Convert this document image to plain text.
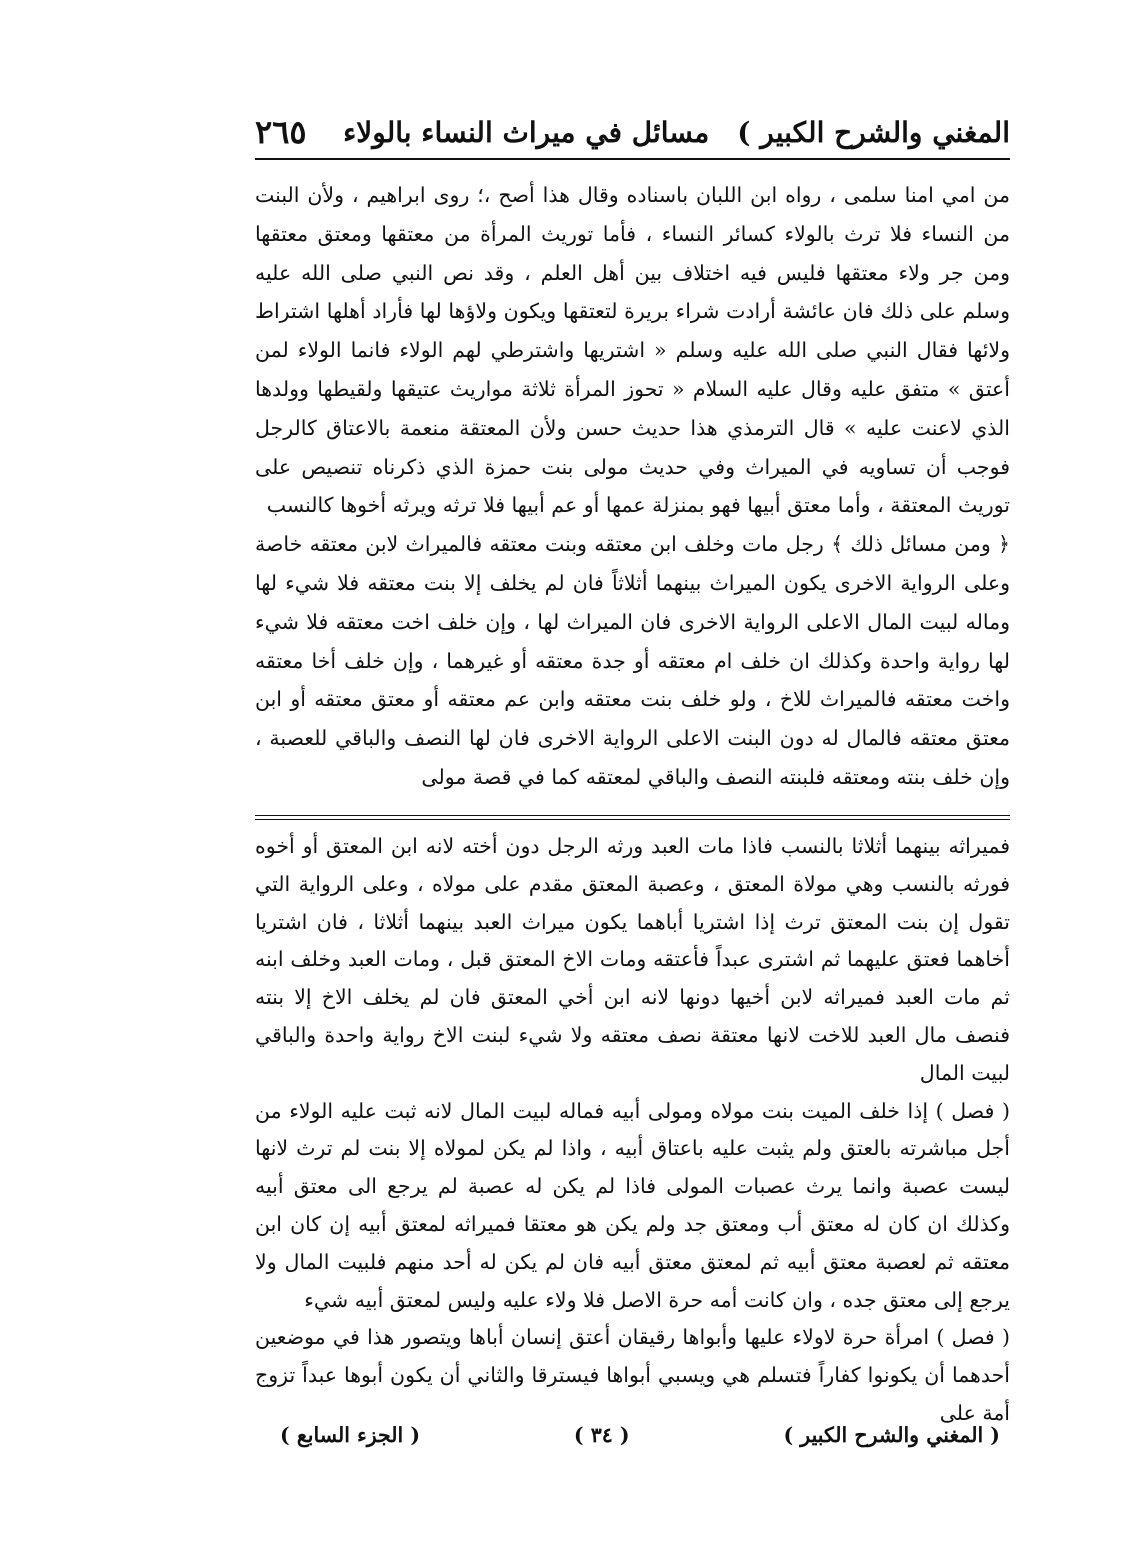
المغني والشرح الكبير )
مسائل في ميراث النساء بالولاء
٢٦٥

من امي امنا سلمى ، رواه ابن اللبان باسناده وقال هذا أصح ،؛ روى ابراهيم ، ولأن البنت من النساء فلا ترث بالولاء كسائر النساء ، فأما توريث المرأة من معتقها ومعتق معتقها ومن جر ولاء معتقها فليس فيه اختلاف بين أهل العلم ، وقد نص النبي صلى الله عليه وسلم على ذلك فان عائشة أرادت شراء بريرة لتعتقها ويكون ولاؤها لها فأراد أهلها اشتراط ولائها فقال النبي صلى الله عليه وسلم « اشتريها واشترطي لهم الولاء فانما الولاء لمن أعتق » متفق عليه وقال عليه السلام « تحوز المرأة ثلاثة مواريث عتيقها ولقيطها وولدها الذي لاعنت عليه » قال الترمذي هذا حديث حسن ولأن المعتقة منعمة بالاعتاق كالرجل فوجب أن تساويه في الميراث وفي حديث مولى بنت حمزة الذي ذكرناه تنصيص على توريث المعتقة ، وأما معتق أبيها فهو بمنزلة عمها أو عم أبيها فلا ترثه ويرثه أخوها كالنسب

﴿ ومن مسائل ذلك ﴾ رجل مات وخلف ابن معتقه وبنت معتقه فالميراث لابن معتقه خاصة وعلى الرواية الاخرى يكون الميراث بينهما أثلاثاً فان لم يخلف إلا بنت معتقه فلا شيء لها وماله لبيت المال الاعلى الرواية الاخرى فان الميراث لها ، وإن خلف اخت معتقه فلا شيء لها رواية واحدة وكذلك ان خلف ام معتقه أو جدة معتقه أو غيرهما ، وإن خلف أخا معتقه واخت معتقه فالميراث للاخ ، ولو خلف بنت معتقه وابن عم معتقه أو معتق معتقه أو ابن معتق معتقه فالمال له دون البنت الاعلى الرواية الاخرى فان لها النصف والباقي للعصبة ، وإن خلف بنته ومعتقه فلبنته النصف والباقي لمعتقه كما في قصة مولى

فميراثه بينهما أثلاثا بالنسب فاذا مات العبد ورثه الرجل دون أخته لانه ابن المعتق أو أخوه فورثه بالنسب وهي مولاة المعتق ، وعصبة المعتق مقدم على مولاه ، وعلى الرواية التي تقول إن بنت المعتق ترث إذا اشتريا أباهما يكون ميراث العبد بينهما أثلاثا ، فان اشتريا أخاهما فعتق عليهما ثم اشترى عبداً فأعتقه ومات الاخ المعتق قبل ، ومات العبد وخلف ابنه ثم مات العبد فميراثه لابن أخيها دونها لانه ابن أخي المعتق فان لم يخلف الاخ إلا بنته فنصف مال العبد للاخت لانها معتقة نصف معتقه ولا شيء لبنت الاخ رواية واحدة والباقي لبيت المال

( فصل ) إذا خلف الميت بنت مولاه ومولى أبيه فماله لبيت المال لانه ثبت عليه الولاء من أجل مباشرته بالعتق ولم يثبت عليه باعتاق أبيه ، واذا لم يكن لمولاه إلا بنت لم ترث لانها ليست عصبة وانما يرث عصبات المولى فاذا لم يكن له عصبة لم يرجع الى معتق أبيه وكذلك ان كان له معتق أب ومعتق جد ولم يكن هو معتقا فميراثه لمعتق أبيه إن كان ابن معتقه ثم لعصبة معتق أبيه ثم لمعتق معتق أبيه فان لم يكن له أحد منهم فلبيت المال ولا يرجع إلى معتق جده ، وان كانت أمه حرة الاصل فلا ولاء عليه وليس لمعتق أبيه شيء

( فصل ) امرأة حرة لاولاء عليها وأبواها رقيقان أعتق إنسان أباها ويتصور هذا في موضعين أحدهما أن يكونوا كفاراً فتسلم هي ويسبي أبواها فيسترقا والثاني أن يكون أبوها عبداً تزوج أمة على

( المغني والشرح الكبير )
( ٣٤ )
( الجزء السابع )
